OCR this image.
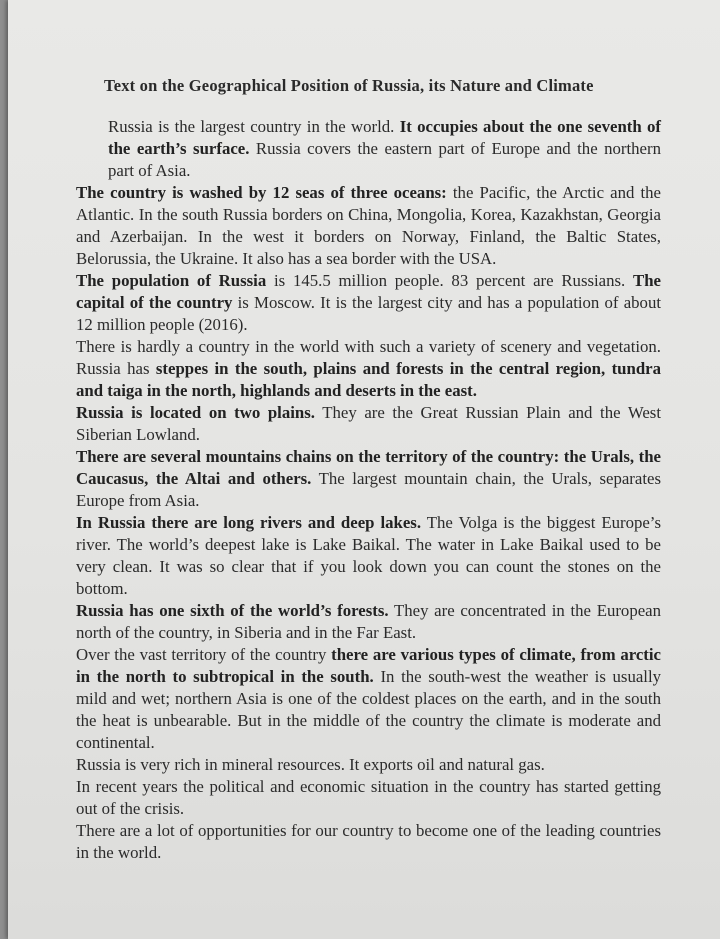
Text on the Geographical Position of Russia, its Nature and Climate

Russia is the largest country in the world. It occupies about the one seventh of the earth’s surface. Russia covers the eastern part of Europe and the northern part of Asia.

The country is washed by 12 seas of three oceans: the Pacific, the Arctic and the Atlantic. In the south Russia borders on China, Mongolia, Korea, Kazakhstan, Georgia and Azerbaijan. In the west it borders on Norway, Finland, the Baltic States, Belorussia, the Ukraine. It also has a sea border with the USA.

The population of Russia is 145.5 million people. 83 percent are Russians. The capital of the country is Moscow. It is the largest city and has a population of about 12 million people (2016).

There is hardly a country in the world with such a variety of scenery and vegetation. Russia has steppes in the south, plains and forests in the central region, tundra and taiga in the north, highlands and deserts in the east.

Russia is located on two plains. They are the Great Russian Plain and the West Siberian Lowland.

There are several mountains chains on the territory of the country: the Urals, the Caucasus, the Altai and others. The largest mountain chain, the Urals, separates Europe from Asia.

In Russia there are long rivers and deep lakes. The Volga is the biggest Europe’s river. The world’s deepest lake is Lake Baikal. The water in Lake Baikal used to be very clean. It was so clear that if you look down you can count the stones on the bottom.

Russia has one sixth of the world’s forests. They are concentrated in the European north of the country, in Siberia and in the Far East.

Over the vast territory of the country there are various types of climate, from arctic in the north to subtropical in the south. In the south-west the weather is usually mild and wet; northern Asia is one of the coldest places on the earth, and in the south the heat is unbearable. But in the middle of the country the climate is moderate and continental.

Russia is very rich in mineral resources. It exports oil and natural gas.

In recent years the political and economic situation in the country has started getting out of the crisis.

There are a lot of opportunities for our country to become one of the leading countries in the world.
